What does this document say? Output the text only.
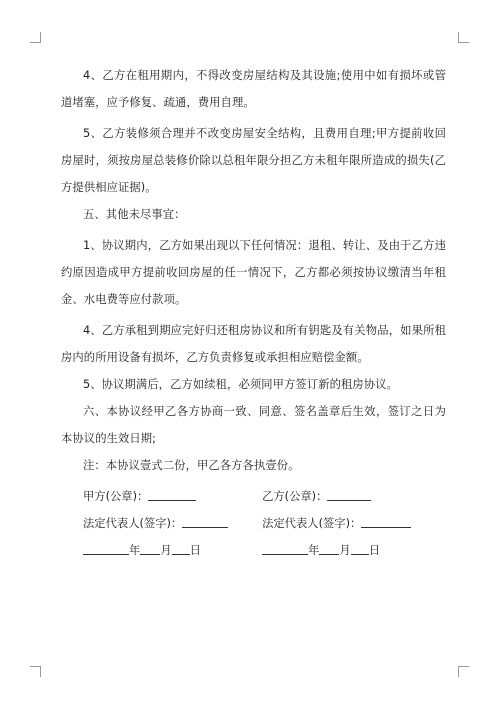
4、乙方在租用期内，不得改变房屋结构及其设施;使用中如有损坏或管道堵塞，应予修复、疏通，费用自理。

5、乙方装修须合理并不改变房屋安全结构，且费用自理;甲方提前收回房屋时，须按房屋总装修价除以总租年限分担乙方未租年限所造成的损失(乙方提供相应证据)。

五、其他未尽事宜：

1、协议期内，乙方如果出现以下任何情况：退租、转让、及由于乙方违约原因造成甲方提前收回房屋的任一情况下，乙方都必须按协议缴清当年租金、水电费等应付款项。

4、乙方承租到期应完好归还租房协议和所有钥匙及有关物品，如果所租房内的所用设备有损坏，乙方负责修复或承担相应赔偿金额。

5、协议期满后，乙方如续租，必须同甲方签订新的租房协议。

六、本协议经甲乙各方协商一致、同意、签名盖章后生效，签订之日为本协议的生效日期;

注：本协议壹式二份，甲乙各方各执壹份。

甲方(公章)：	乙方(公章)：
法定代表人(签字)：	法定代表人(签字)：
年 月 日	年 月 日
